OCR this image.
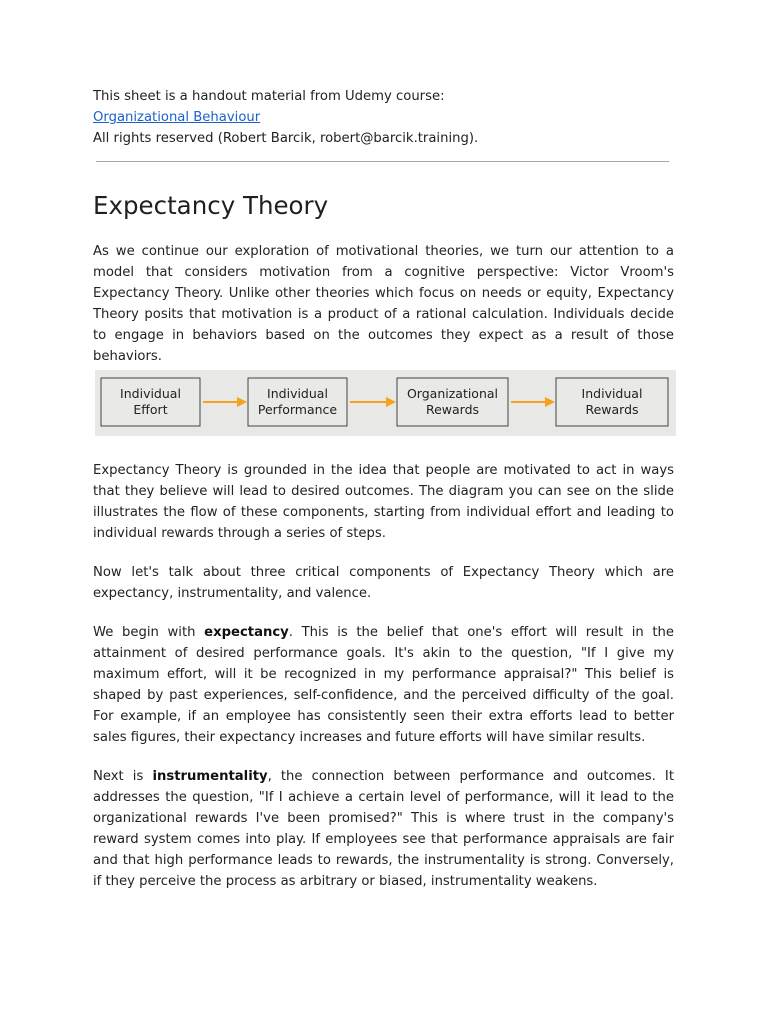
This sheet is a handout material from Udemy course:

Organizational Behaviour

All rights reserved (Robert Barcik, robert@barcik.training).

Expectancy Theory

As we continue our exploration of motivational theories, we turn our attention to a model that considers motivation from a cognitive perspective: Victor Vroom's Expectancy Theory. Unlike other theories which focus on needs or equity, Expectancy Theory posits that motivation is a product of a rational calculation. Individuals decide to engage in behaviors based on the outcomes they expect as a result of those behaviors.

Individual
Effort
Individual
Performance
Organizational
Rewards
Individual
Rewards

Expectancy Theory is grounded in the idea that people are motivated to act in ways that they believe will lead to desired outcomes. The diagram you can see on the slide illustrates the flow of these components, starting from individual effort and leading to individual rewards through a series of steps.

Now let's talk about three critical components of Expectancy Theory which are expectancy, instrumentality, and valence.

We begin with expectancy. This is the belief that one's effort will result in the attainment of desired performance goals. It's akin to the question, "If I give my maximum effort, will it be recognized in my performance appraisal?" This belief is shaped by past experiences, self-confidence, and the perceived difficulty of the goal. For example, if an employee has consistently seen their extra efforts lead to better sales figures, their expectancy increases and future efforts will have similar results.

Next is instrumentality, the connection between performance and outcomes. It addresses the question, "If I achieve a certain level of performance, will it lead to the organizational rewards I've been promised?" This is where trust in the company's reward system comes into play. If employees see that performance appraisals are fair and that high performance leads to rewards, the instrumentality is strong. Conversely, if they perceive the process as arbitrary or biased, instrumentality weakens.
